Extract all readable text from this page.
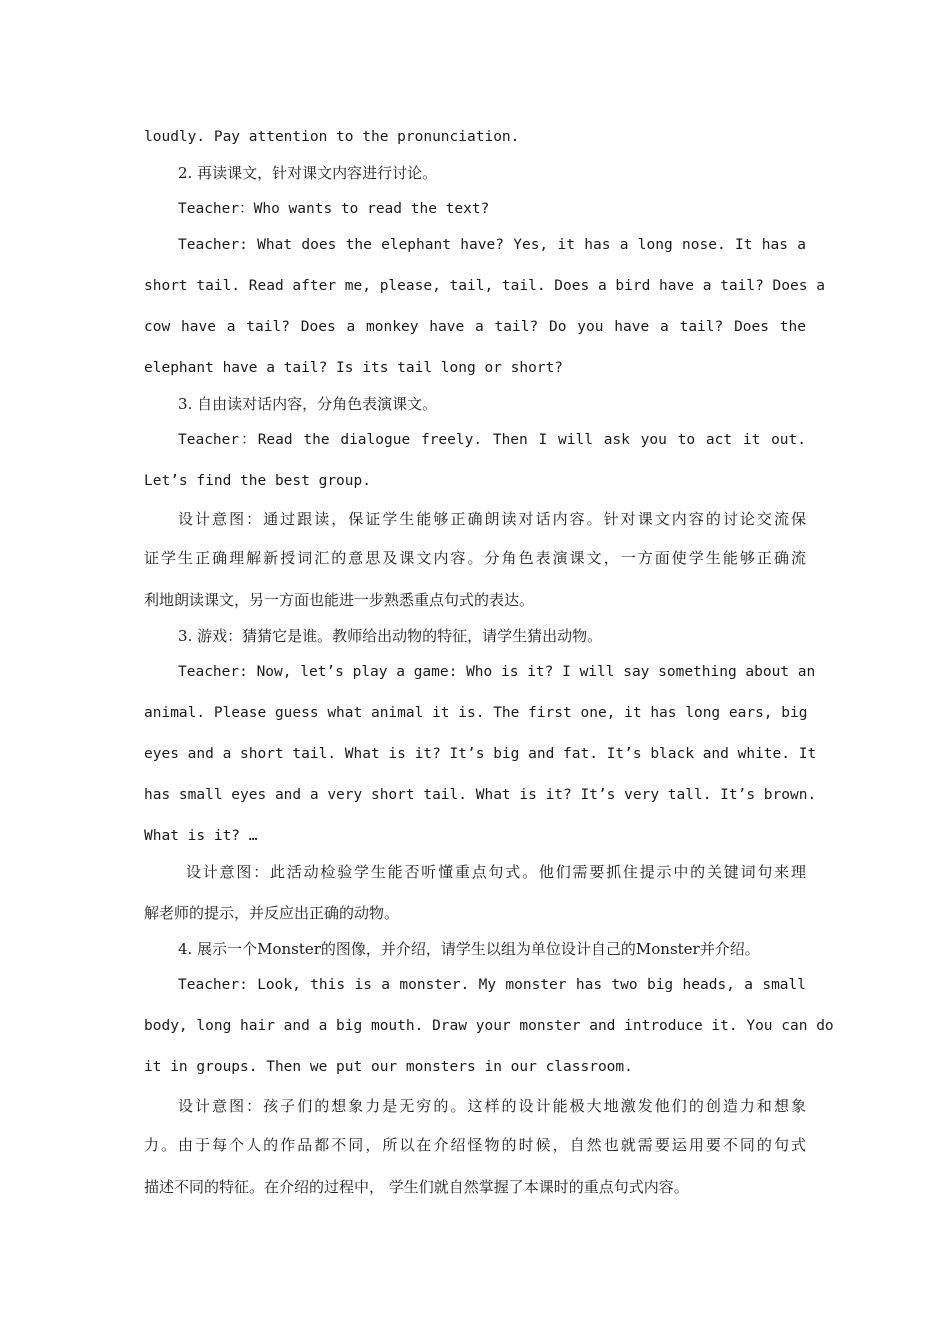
loudly. Pay attention to the pronunciation.
2. 再读课文，针对课文内容进行讨论。
Teacher：Who wants to read the text?
Teacher: What does the elephant have? Yes, it has a long nose. It has a
short tail. Read after me, please, tail, tail. Does a bird have a tail? Does a
cow have a tail? Does a monkey have a tail? Do you have a tail? Does the
elephant have a tail? Is its tail long or short?
3. 自由读对话内容，分角色表演课文。
Teacher：Read the dialogue freely. Then I will ask you to act it out.
Let’s find the best group.
设计意图：通过跟读，保证学生能够正确朗读对话内容。针对课文内容的讨论交流保
证学生正确理解新授词汇的意思及课文内容。分角色表演课文，一方面使学生能够正确流
利地朗读课文，另一方面也能进一步熟悉重点句式的表达。
3. 游戏：猜猜它是谁。教师给出动物的特征，请学生猜出动物。
Teacher: Now, let’s play a game: Who is it? I will say something about an
animal. Please guess what animal it is. The first one, it has long ears, big
eyes and a short tail. What is it? It’s big and fat. It’s black and white. It
has small eyes and a very short tail. What is it? It’s very tall. It’s brown.
What is it? …
设计意图：此活动检验学生能否听懂重点句式。他们需要抓住提示中的关键词句来理
解老师的提示，并反应出正确的动物。
4. 展示一个Monster的图像，并介绍，请学生以组为单位设计自己的Monster并介绍。
Teacher: Look, this is a monster. My monster has two big heads, a small
body, long hair and a big mouth. Draw your monster and introduce it. You can do
it in groups. Then we put our monsters in our classroom.
设计意图：孩子们的想象力是无穷的。这样的设计能极大地激发他们的创造力和想象
力。由于每个人的作品都不同，所以在介绍怪物的时候，自然也就需要运用要不同的句式
描述不同的特征。在介绍的过程中， 学生们就自然掌握了本课时的重点句式内容。
